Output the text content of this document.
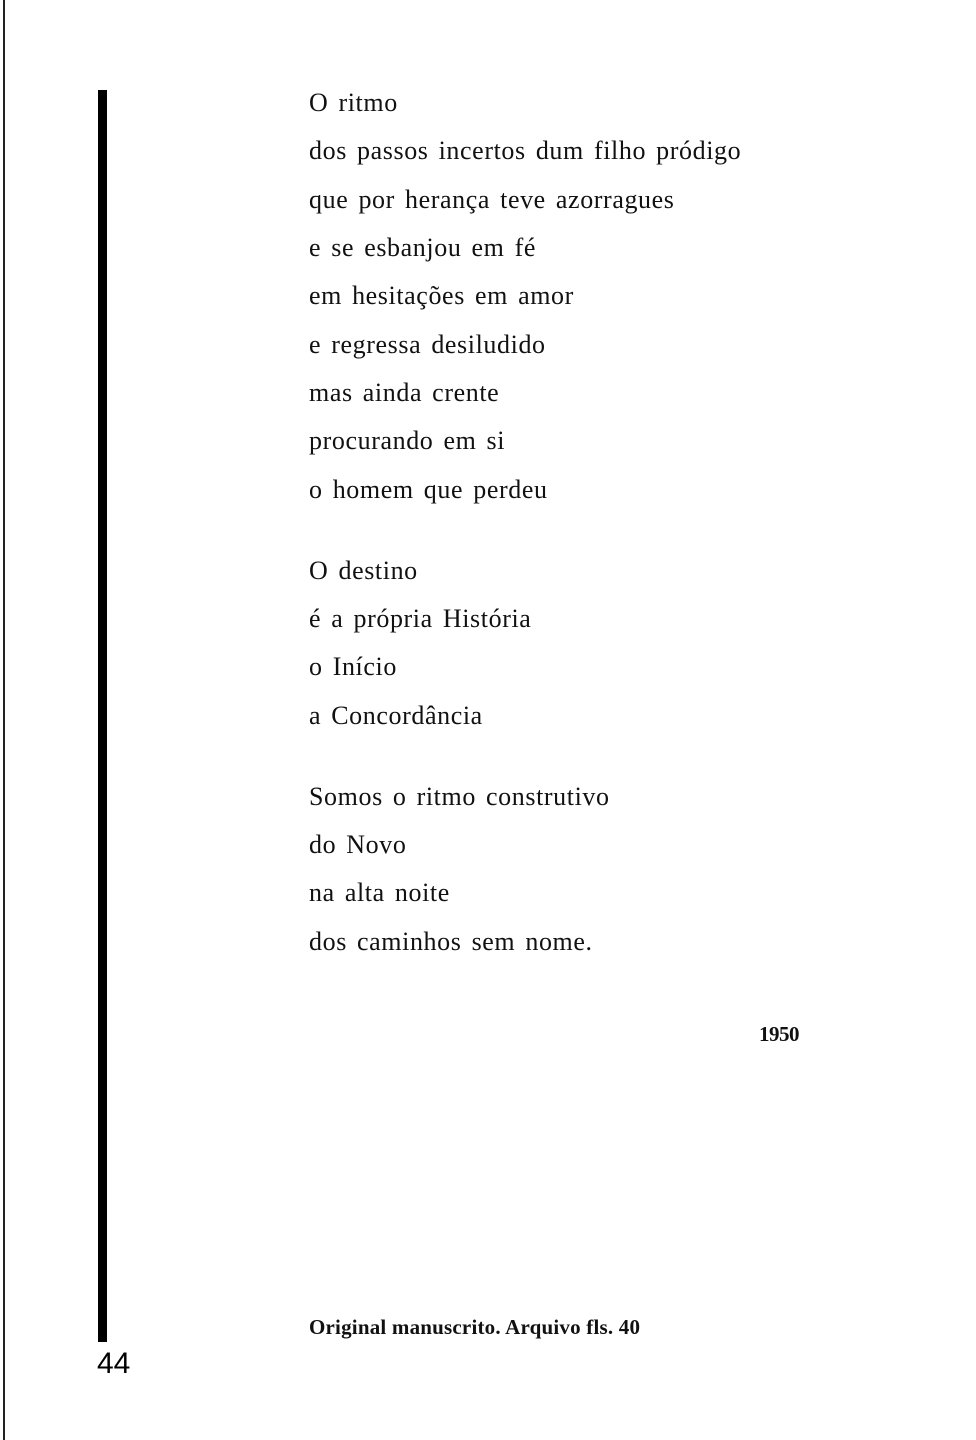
O ritmo
dos passos incertos dum filho pródigo
que por herança teve azorragues
e se esbanjou em fé
em hesitações em amor
e regressa desiludido
mas ainda crente
procurando em si
o homem que perdeu
O destino
é a própria História
o Início
a Concordância
Somos o ritmo construtivo
do Novo
na alta noite
dos caminhos sem nome.
1950
Original manuscrito. Arquivo fls. 40
44
